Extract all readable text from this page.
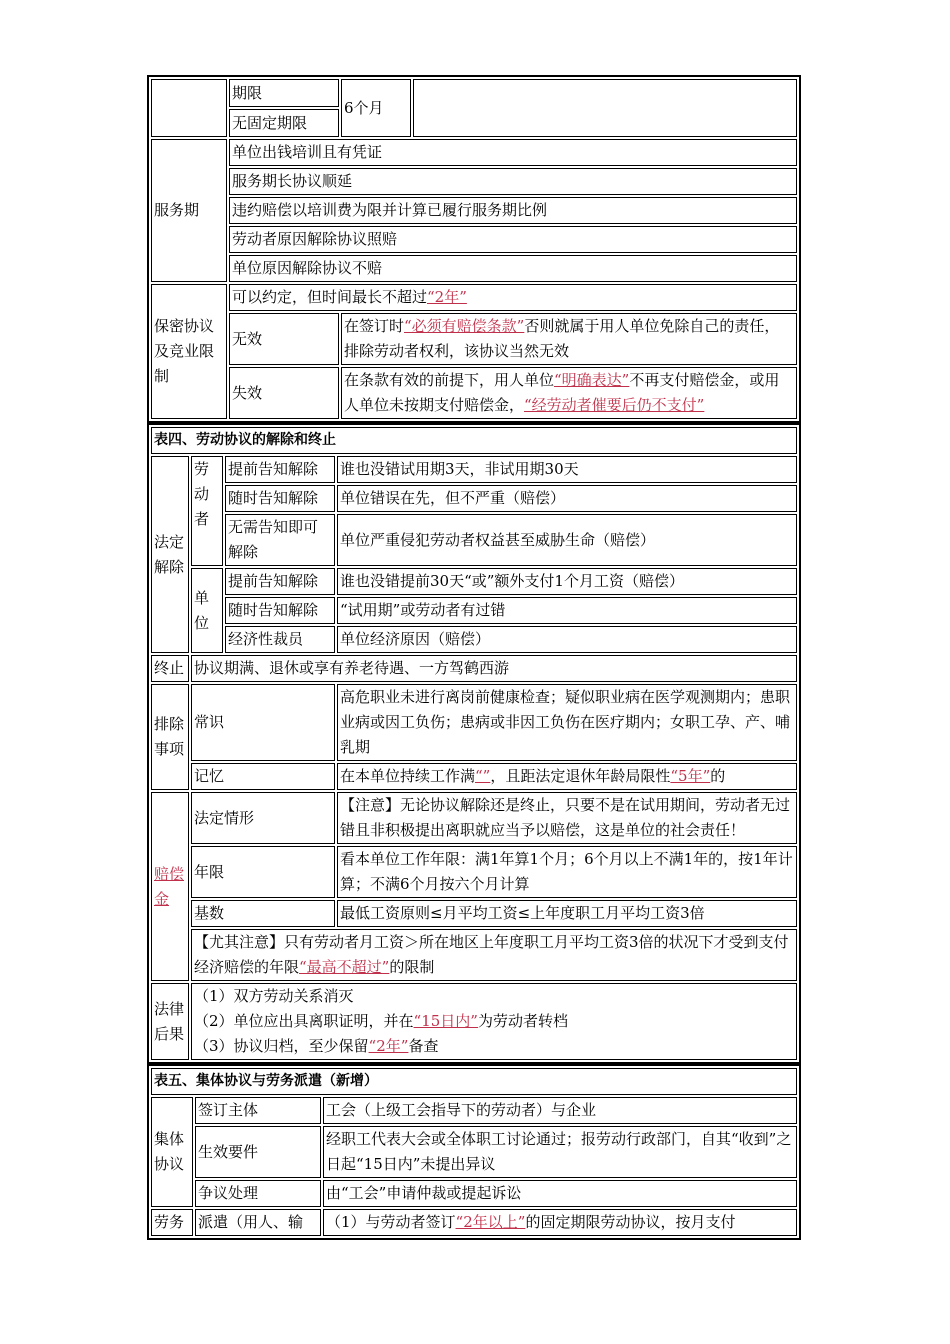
	期限	6个月	
	无固定期限		
服务期	单位出钱培训且有凭证		
	服务期长协议顺延		
	违约赔偿以培训费为限并计算已履行服务期比例		
	劳动者原因解除协议照赔		
	单位原因解除协议不赔		
保密协议及竞业限制	可以约定，但时间最长不超过“2年”		
	无效	在签订时“必须有赔偿条款”否则就属于用人单位免除自己的责任，排除劳动者权利，该协议当然无效	
	失效	在条款有效的前提下，用人单位“明确表达”不再支付赔偿金，或用人单位未按期支付赔偿金，“经劳动者催要后仍不支付”	
表四、劳动协议的解除和终止			
法定解除	劳动者	提前告知解除	谁也没错试用期3天，非试用期30天
		随时告知解除	单位错误在先，但不严重（赔偿）
		无需告知即可解除	单位严重侵犯劳动者权益甚至威胁生命（赔偿）
	单位	提前告知解除	谁也没错提前30天“或”额外支付1个月工资（赔偿）
		随时告知解除	“试用期”或劳动者有过错
		经济性裁员	单位经济原因（赔偿）
终止	协议期满、退休或享有养老待遇、一方驾鹤西游		
排除事项	常识		高危职业未进行离岗前健康检查；疑似职业病在医学观测期内；患职业病或因工负伤；患病或非因工负伤在医疗期内；女职工孕、产、哺乳期
	记忆		在本单位持续工作满“”，且距法定退休年龄局限性“5年”的
赔偿金	法定情形		【注意】无论协议解除还是终止，只要不是在试用期间，劳动者无过错且非积极提出离职就应当予以赔偿，这是单位的社会责任！
	年限		看本单位工作年限：满1年算1个月；6个月以上不满1年的，按1年计算；不满6个月按六个月计算
	基数		最低工资原则≤月平均工资≤上年度职工月平均工资3倍
	【尤其注意】只有劳动者月工资＞所在地区上年度职工月平均工资3倍的状况下才受到支付经济赔偿的年限“最高不超过”的限制		
法律后果	（1）双方劳动关系消灭
（2）单位应出具离职证明，并在“15日内”为劳动者转档
（3）协议归档，至少保留“2年”备查		
表五、集体协议与劳务派遣（新增）		
集体协议	签订主体	工会（上级工会指导下的劳动者）与企业
	生效要件	经职工代表大会或全体职工讨论通过；报劳动行政部门，自其“收到”之日起“15日内”未提出异议
	争议处理	由“工会”申请仲裁或提起诉讼
劳务	派遣（用人、输	（1）与劳动者签订“2年以上”的固定期限劳动协议，按月支付
